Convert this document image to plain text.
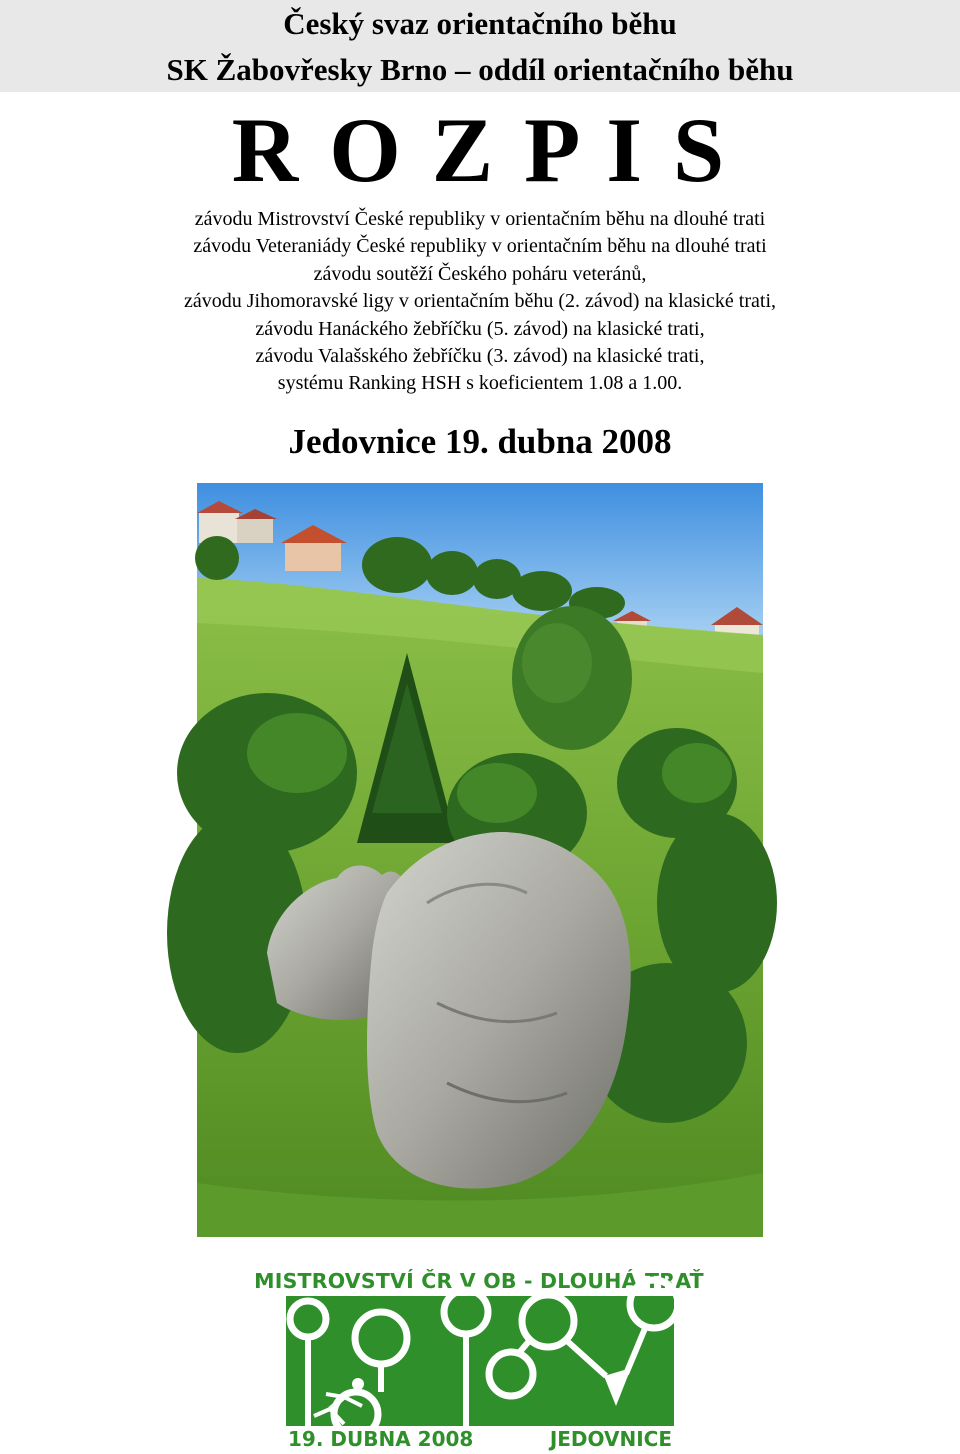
Český svaz orientačního běhu
SK Žabovřesky Brno – oddíl orientačního běhu
R O Z P I S
závodu Mistrovství České republiky v orientačním běhu na dlouhé trati
závodu Veteraniády České republiky v orientačním běhu na dlouhé trati
závodu soutěží Českého poháru veteránů,
závodu Jihomoravské ligy v orientačním běhu (2. závod) na klasické trati,
závodu Hanáckého žebříčku (5. závod) na klasické trati,
závodu Valašského žebříčku (3. závod) na klasické trati,
systému Ranking HSH s koeficientem 1.08 a 1.00.
Jedovnice 19. dubna 2008
MISTROVSTVÍ ČR V OB - DLOUHÁ TRAŤ
19. DUBNA 2008	JEDOVNICE
